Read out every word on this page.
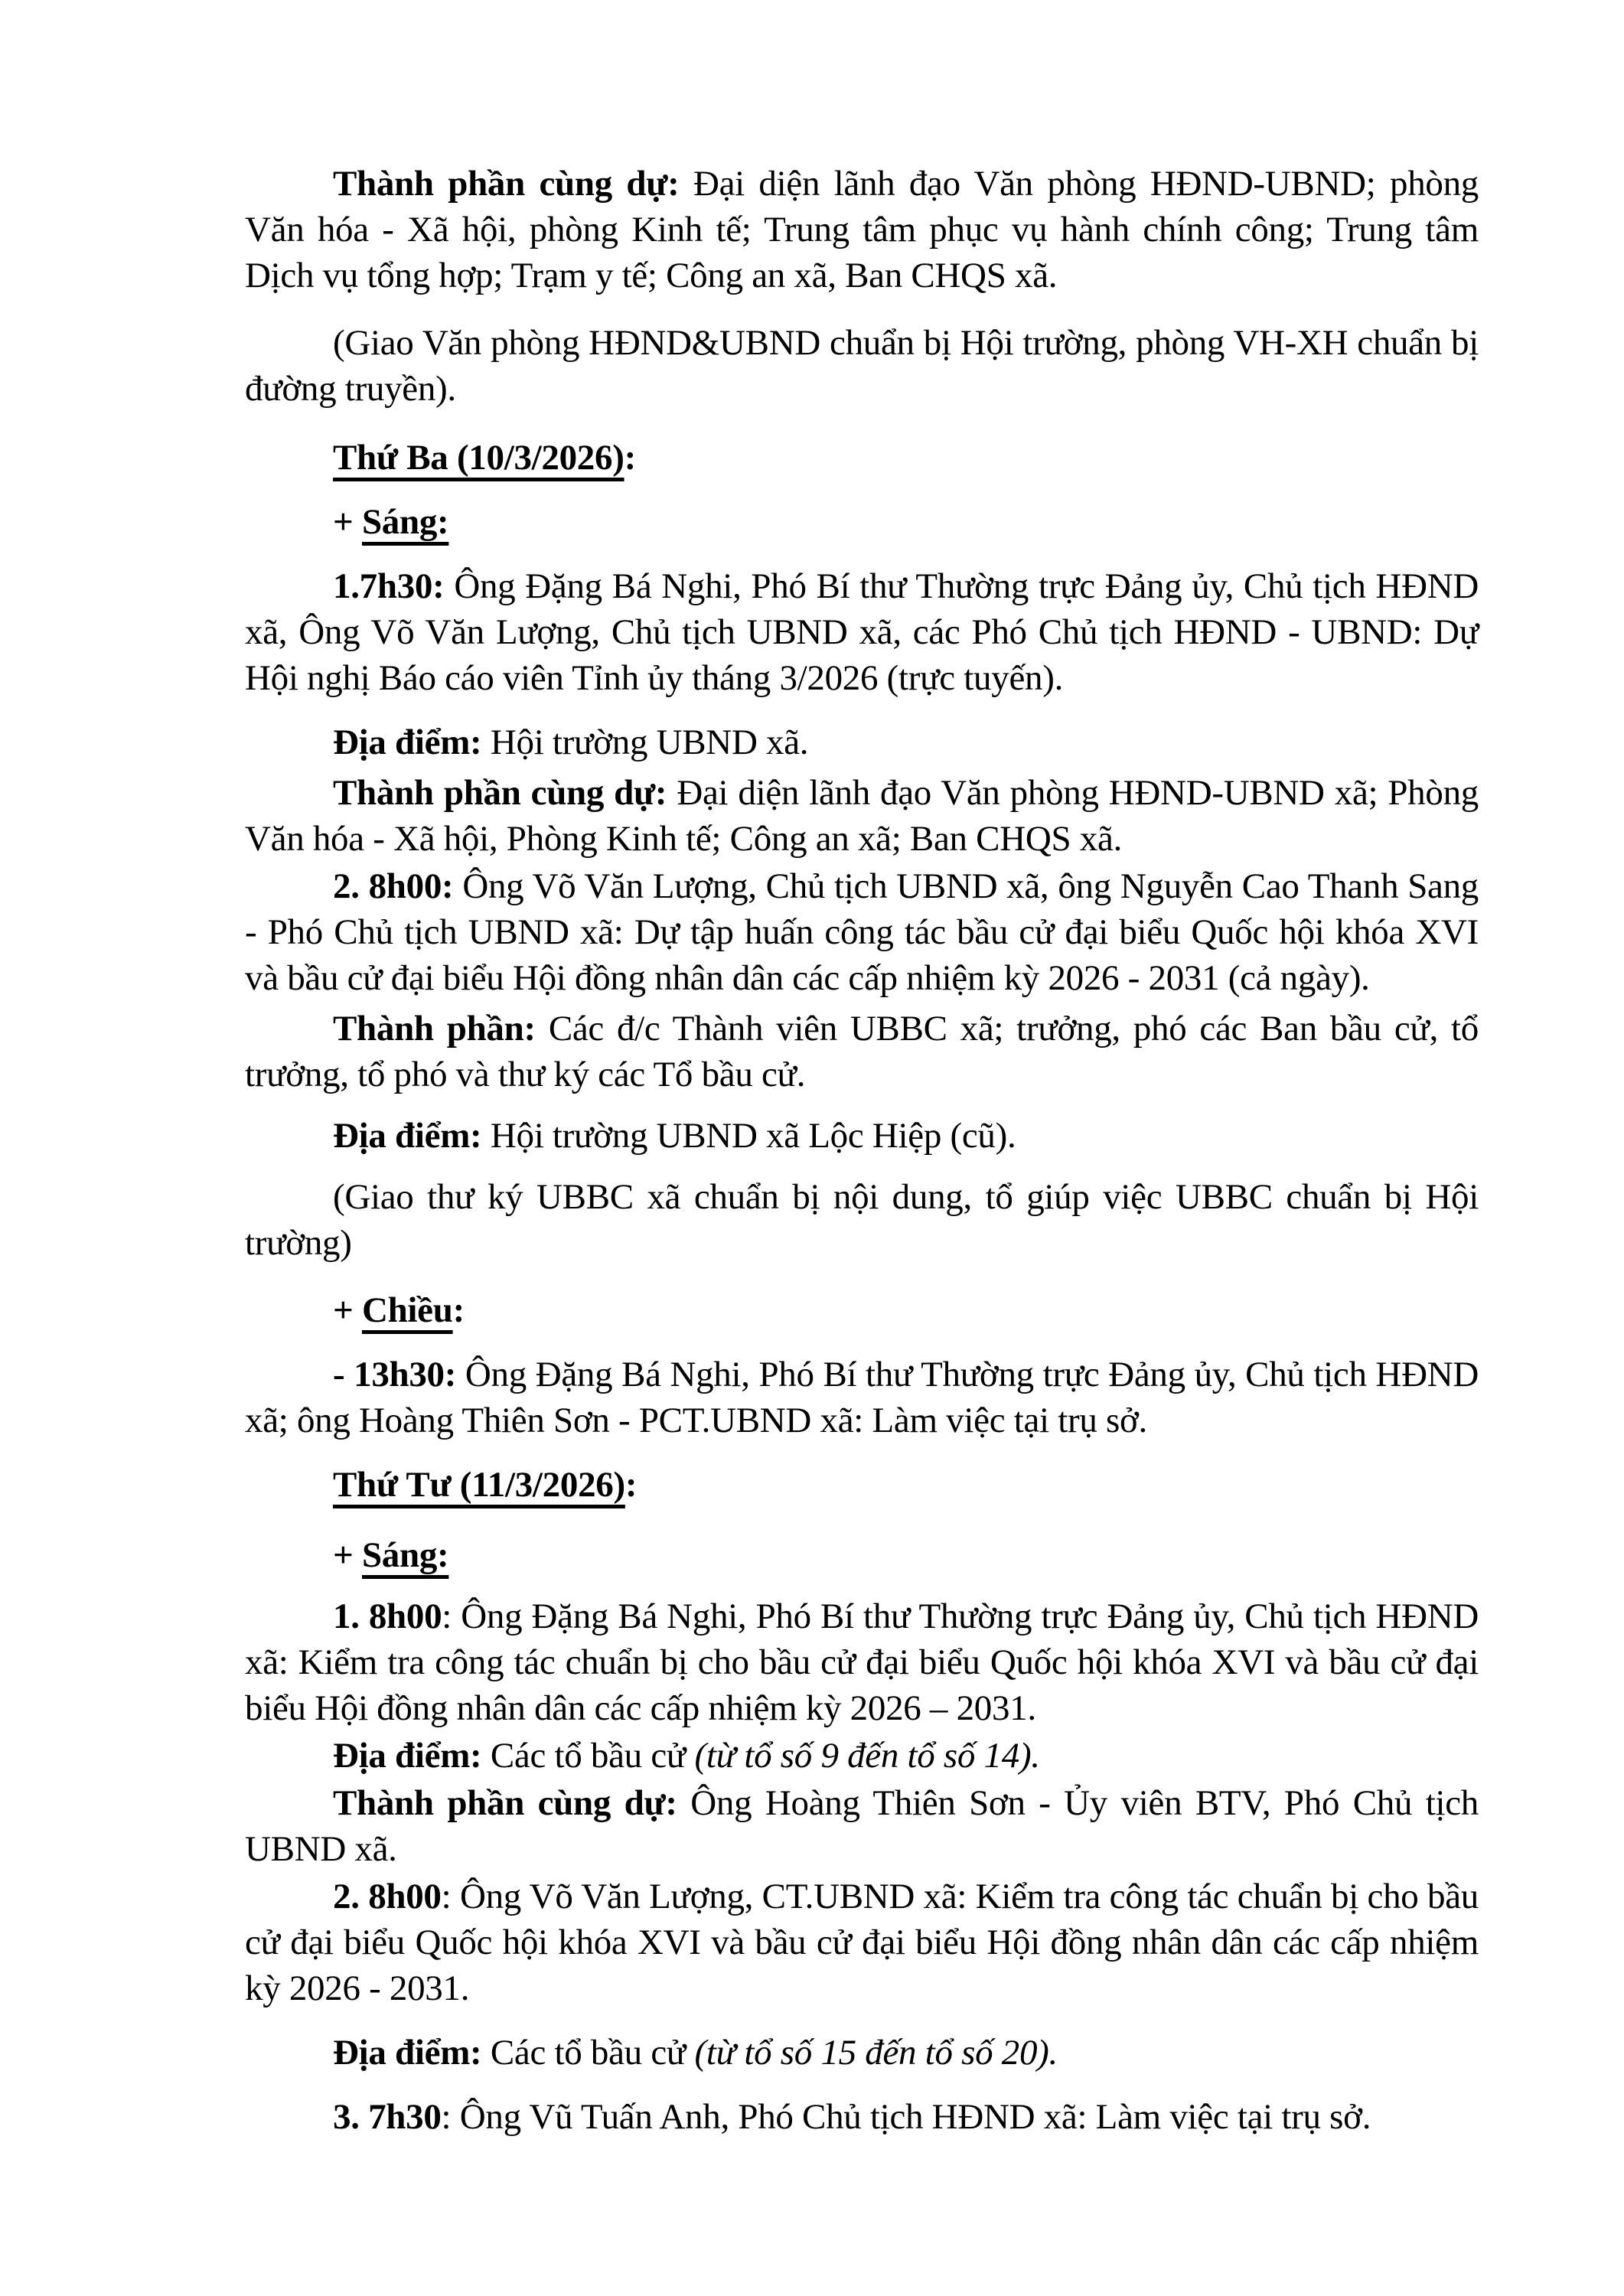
Thành phần cùng dự: Đại diện lãnh đạo Văn phòng HĐND-UBND; phòng Văn hóa - Xã hội, phòng Kinh tế; Trung tâm phục vụ hành chính công; Trung tâm Dịch vụ tổng hợp; Trạm y tế; Công an xã, Ban CHQS xã.

(Giao Văn phòng HĐND&UBND chuẩn bị Hội trường, phòng VH-XH chuẩn bị đường truyền).

Thứ Ba (10/3/2026):

+ Sáng:

1.7h30: Ông Đặng Bá Nghi, Phó Bí thư Thường trực Đảng ủy, Chủ tịch HĐND xã, Ông Võ Văn Lượng, Chủ tịch UBND xã, các Phó Chủ tịch HĐND - UBND: Dự Hội nghị Báo cáo viên Tỉnh ủy tháng 3/2026 (trực tuyến).

Địa điểm: Hội trường UBND xã.

Thành phần cùng dự: Đại diện lãnh đạo Văn phòng HĐND-UBND xã; Phòng Văn hóa - Xã hội, Phòng Kinh tế; Công an xã; Ban CHQS xã.

2. 8h00: Ông Võ Văn Lượng, Chủ tịch UBND xã, ông Nguyễn Cao Thanh Sang - Phó Chủ tịch UBND xã: Dự tập huấn công tác bầu cử đại biểu Quốc hội khóa XVI và bầu cử đại biểu Hội đồng nhân dân các cấp nhiệm kỳ 2026 - 2031 (cả ngày).

Thành phần: Các đ/c Thành viên UBBC xã; trưởng, phó các Ban bầu cử, tổ trưởng, tổ phó và thư ký các Tổ bầu cử.

Địa điểm: Hội trường UBND xã Lộc Hiệp (cũ).

(Giao thư ký UBBC xã chuẩn bị nội dung, tổ giúp việc UBBC chuẩn bị Hội trường)

+ Chiều:

- 13h30: Ông Đặng Bá Nghi, Phó Bí thư Thường trực Đảng ủy, Chủ tịch HĐND xã; ông Hoàng Thiên Sơn - PCT.UBND xã: Làm việc tại trụ sở.

Thứ Tư (11/3/2026):

+ Sáng:

1. 8h00: Ông Đặng Bá Nghi, Phó Bí thư Thường trực Đảng ủy, Chủ tịch HĐND xã: Kiểm tra công tác chuẩn bị cho bầu cử đại biểu Quốc hội khóa XVI và bầu cử đại biểu Hội đồng nhân dân các cấp nhiệm kỳ 2026 – 2031.

Địa điểm: Các tổ bầu cử (từ tổ số 9 đến tổ số 14).

Thành phần cùng dự: Ông Hoàng Thiên Sơn - Ủy viên BTV, Phó Chủ tịch UBND xã.

2. 8h00: Ông Võ Văn Lượng, CT.UBND xã: Kiểm tra công tác chuẩn bị cho bầu cử đại biểu Quốc hội khóa XVI và bầu cử đại biểu Hội đồng nhân dân các cấp nhiệm kỳ 2026 - 2031.

Địa điểm: Các tổ bầu cử (từ tổ số 15 đến tổ số 20).

3. 7h30: Ông Vũ Tuấn Anh, Phó Chủ tịch HĐND xã: Làm việc tại trụ sở.
